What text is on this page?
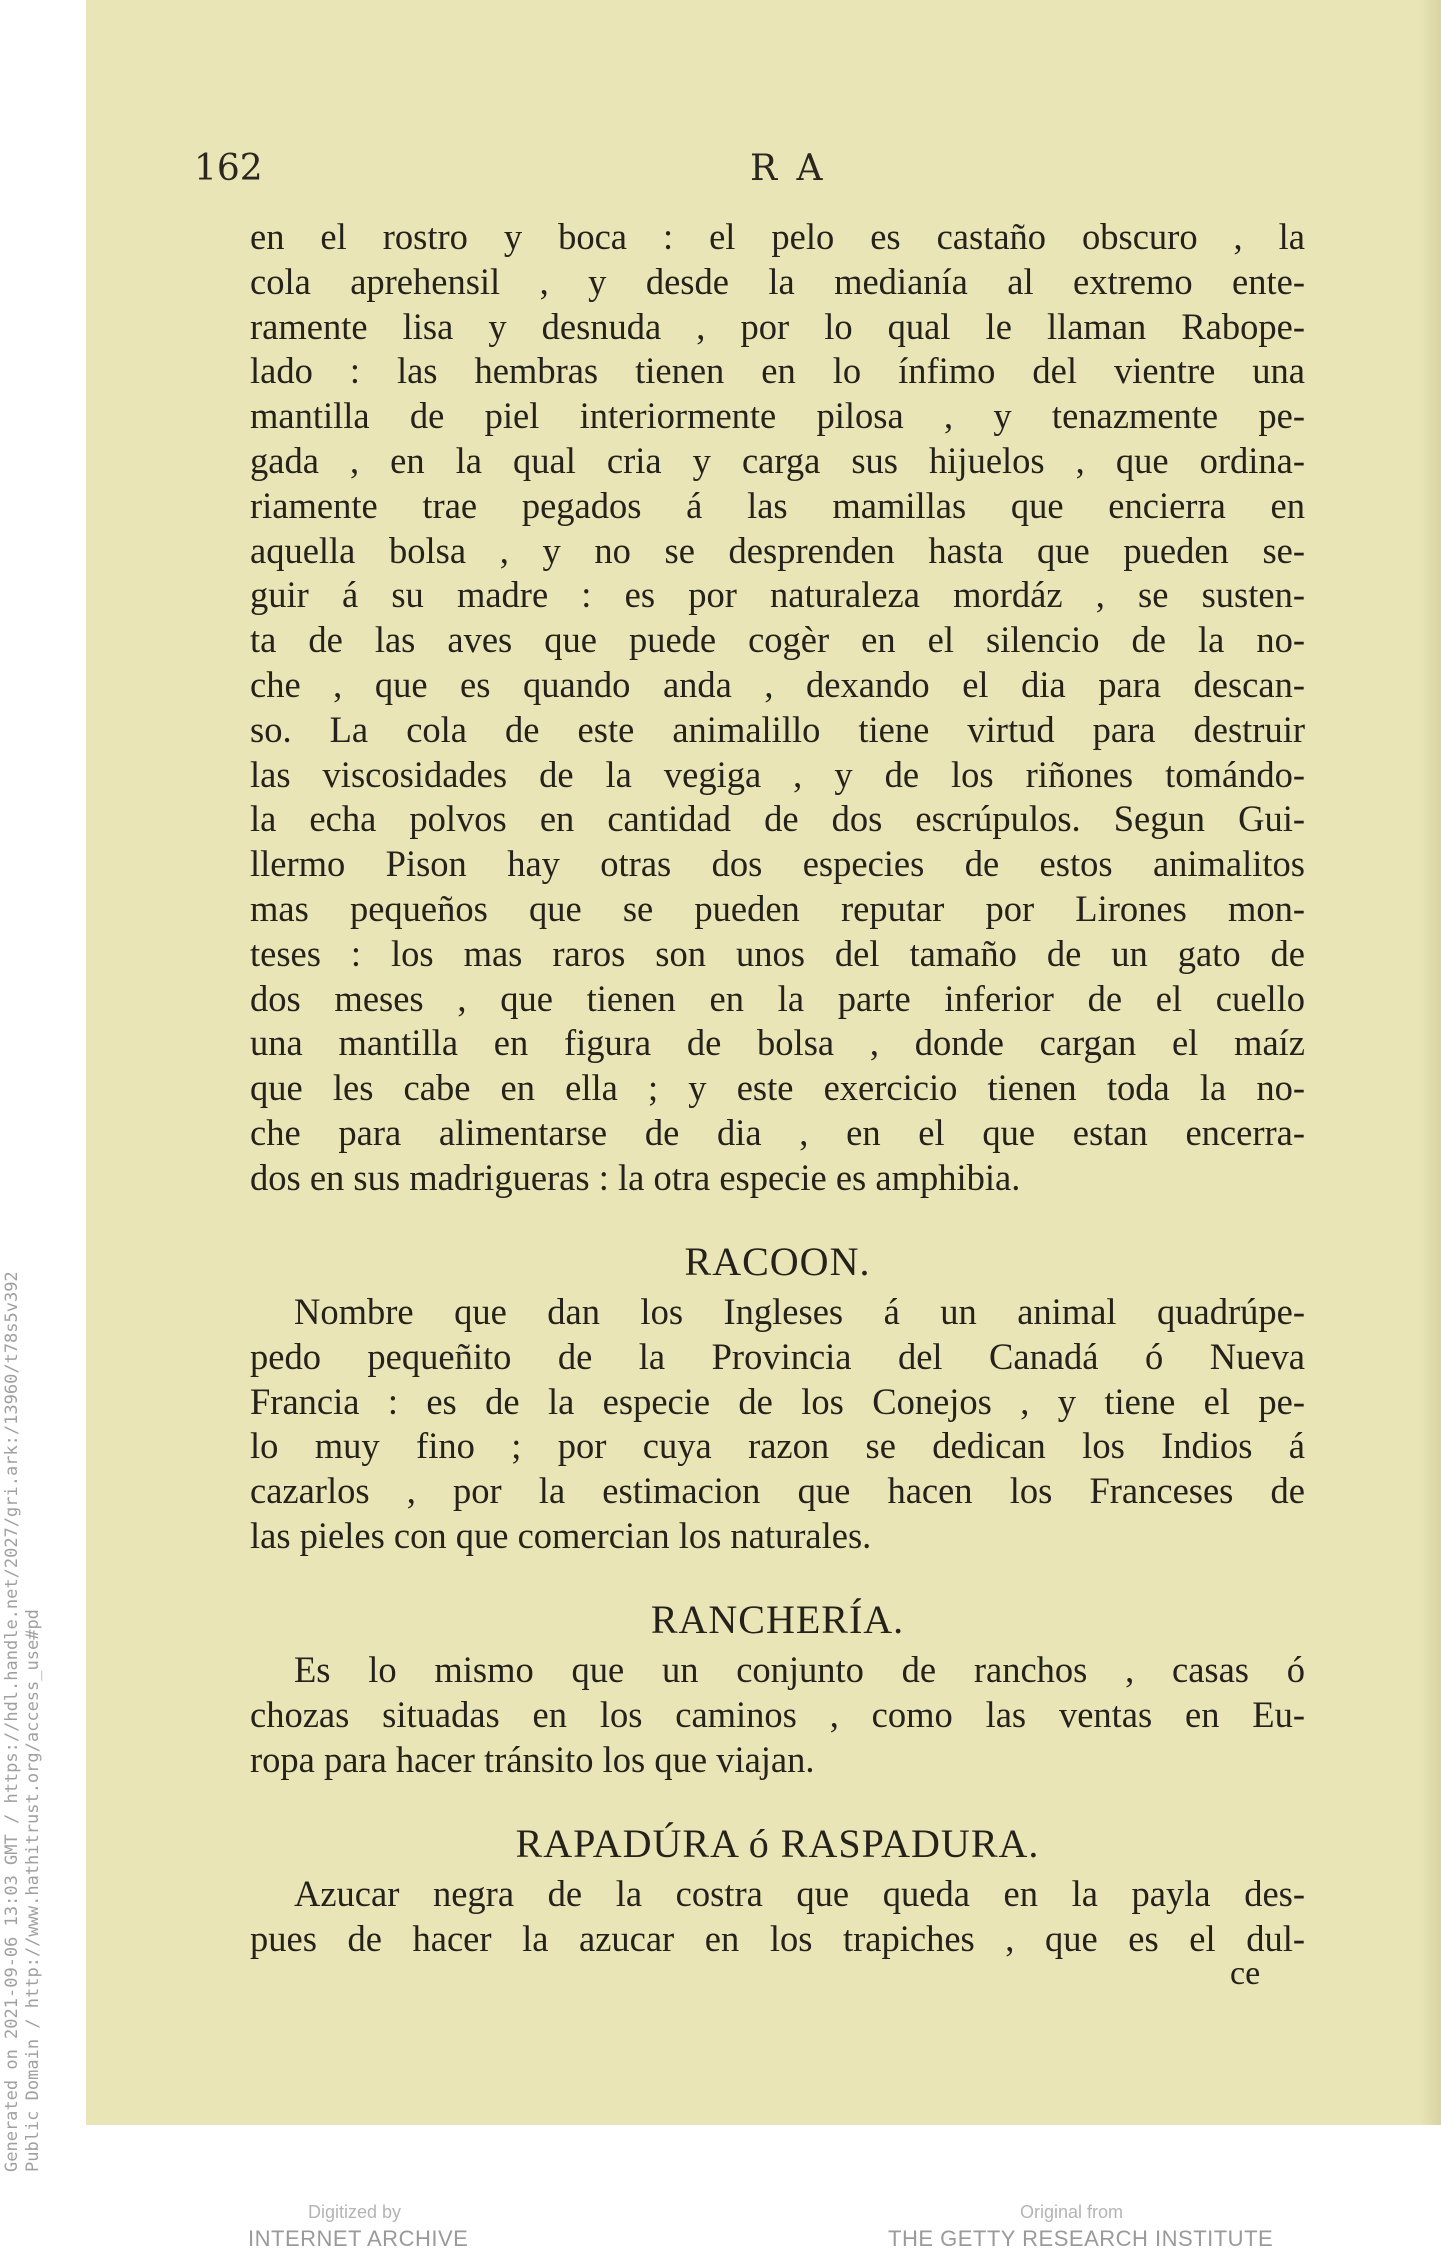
162	R A
en el rostro y boca : el pelo es castaño obscuro , la
cola aprehensil , y desde la medianía al extremo ente-
ramente lisa y desnuda , por lo qual le llaman Rabope-
lado : las hembras tienen en lo ínfimo del vientre una
mantilla de piel interiormente pilosa , y tenazmente pe-
gada , en la qual cria y carga sus hijuelos , que ordina-
riamente trae pegados á las mamillas que encierra en
aquella bolsa , y no se desprenden hasta que pueden se-
guir á su madre : es por naturaleza mordáz , se susten-
ta de las aves que puede cogèr en el silencio de la no-
che , que es quando anda , dexando el dia para descan-
so. La cola de este animalillo tiene virtud para destruir
las viscosidades de la vegiga , y de los riñones tomándo-
la echa polvos en cantidad de dos escrúpulos. Segun Gui-
llermo Pison hay otras dos especies de estos animalitos
mas pequeños que se pueden reputar por Lirones mon-
teses : los mas raros son unos del tamaño de un gato de
dos meses , que tienen en la parte inferior de el cuello
una mantilla en figura de bolsa , donde cargan el maíz
que les cabe en ella ; y este exercicio tienen toda la no-
che para alimentarse de dia , en el que estan encerra-
dos en sus madrigueras : la otra especie es amphibia.
RACOON.
Nombre que dan los Ingleses á un animal quadrúpe-
pedo pequeñito de la Provincia del Canadá ó Nueva
Francia : es de la especie de los Conejos , y tiene el pe-
lo muy fino ; por cuya razon se dedican los Indios á
cazarlos , por la estimacion que hacen los Franceses de
las pieles con que comercian los naturales.
RANCHERÍA.
Es lo mismo que un conjunto de ranchos , casas ó
chozas situadas en los caminos , como las ventas en Eu-
ropa para hacer tránsito los que viajan.
RAPADÚRA ó RASPADURA.
Azucar negra de la costra que queda en la payla des-
pues de hacer la azucar en los trapiches , que es el dul-
ce
Generated on 2021-09-06 13:03 GMT / https://hdl.handle.net/2027/gri.ark:/13960/t78s5v392 Public Domain / http://www.hathitrust.org/access_use#pd
Digitized by
INTERNET ARCHIVE
Original from
THE GETTY RESEARCH INSTITUTE
